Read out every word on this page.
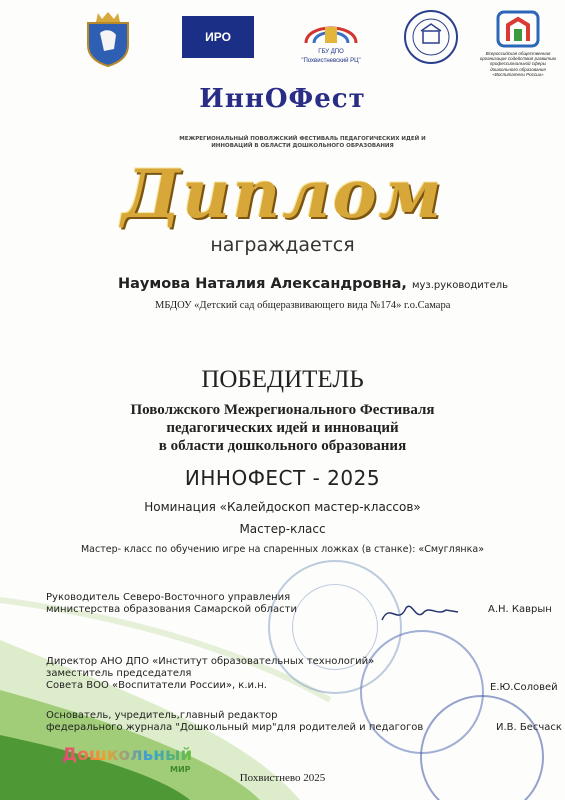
ИРО
ГБУ ДПО
"Похвистневский РЦ"
Всероссийская общественная организация содействия развитию профессиональной сферы дошкольного образования «Воспитатели России»
ИннОФест
МЕЖРЕГИОНАЛЬНЫЙ ПОВОЛЖСКИЙ ФЕСТИВАЛЬ ПЕДАГОГИЧЕСКИХ ИДЕЙ И ИННОВАЦИЙ В ОБЛАСТИ ДОШКОЛЬНОГО ОБРАЗОВАНИЯ
Диплом
награждается
Наумова Наталия Александровна, муз.руководитель
МБДОУ «Детский сад общеразвивающего вида №174» г.о.Самара
ПОБЕДИТЕЛЬ
Поволжского Межрегионального Фестиваля
педагогических идей и инноваций
в области дошкольного образования
ИННОФЕСТ - 2025
Номинация «Калейдоскоп мастер-классов»
Мастер-класс
Мастер- класс по обучению игре на спаренных ложках (в станке): «Смуглянка»
Руководитель Северо-Восточного управления
министерства образования Самарской области	А.Н. Каврын
Директор АНО ДПО «Институт образовательных технологий»
заместитель председателя
Совета ВОО «Воспитатели России», к.и.н.	Е.Ю.Соловей
Основатель, учредитель,главный редактор
федерального журнала "Дошкольный мир"для родителей и педагогов	И.В. Бесчаск
Дошкольный
МИР
Похвистнево 2025
